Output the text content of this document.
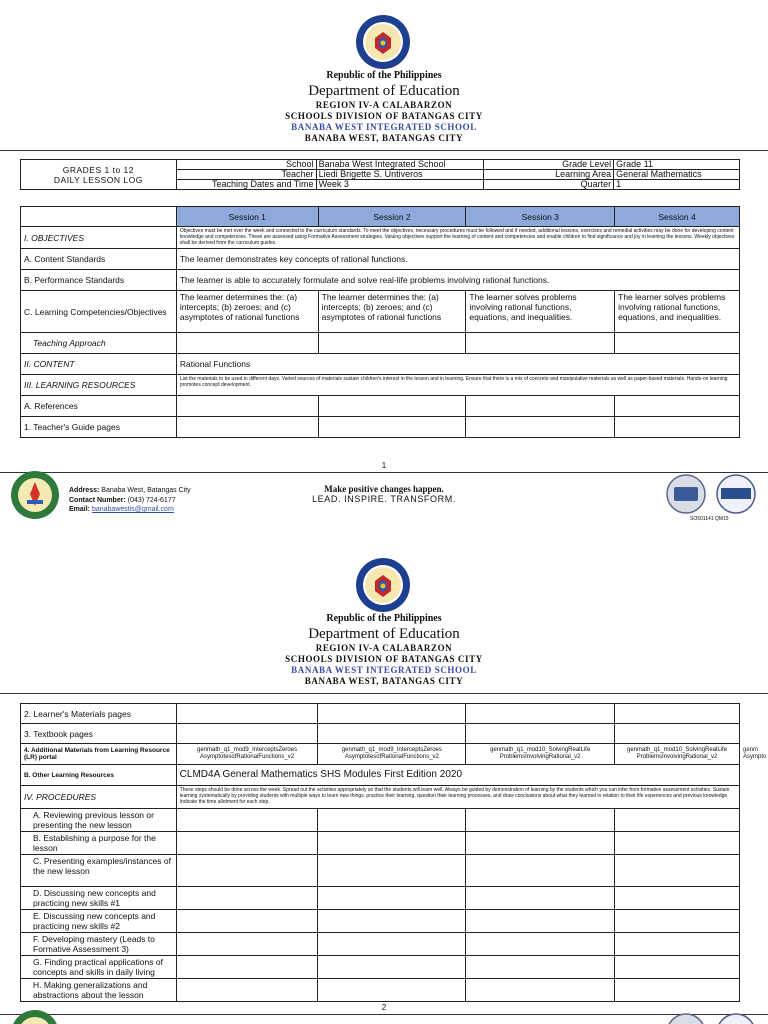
Republic of the Philippines
Department of Education
REGION IV-A CALABARZON
SCHOOLS DIVISION OF BATANGAS CITY
BANABA WEST INTEGRATED SCHOOL
BANABA WEST, BATANGAS CITY
GRADES 1 to 12
DAILY LESSON LOG	School	Banaba West Integrated School	Grade Level	Grade 11
	Teacher	Liedi Brigette S. Untiveros	Learning Area	General Mathematics
	Teaching Dates and Time	Week 3	Quarter	1
	Session 1	Session 2	Session 3	Session 4
I. OBJECTIVES	Objectives must be met over the week and connected to the curriculum standards. To meet the objectives, necessary procedures must be followed and if needed, additional lessons, exercises and remedial activities may be done for developing content knowledge and competencies. These are assessed using Formative Assessment strategies. Valuing objectives support the learning of content and competencies and enable children to find significance and joy in learning the lessons. Weekly objectives shall be derived from the curriculum guides.			
A. Content Standards	The learner demonstrates key concepts of rational functions.			
B. Performance Standards	The learner is able to accurately formulate and solve real-life problems involving rational functions.			
C. Learning Competencies/Objectives	The learner determines the: (a) intercepts; (b) zeroes; and (c) asymptotes of rational functions	The learner determines the: (a) intercepts; (b) zeroes; and (c) asymptotes of rational functions	The learner solves problems involving rational functions, equations, and inequalities.	The learner solves problems involving rational functions, equations, and inequalities.
Teaching Approach				
II. CONTENT	Rational Functions			
III. LEARNING RESOURCES	List the materials to be used in different days. Varied sources of materials sustain children's interest in the lesson and in learning. Ensure that there is a mix of concrete and manipulative materials as well as paper-based materials. Hands-on learning promotes concept development.			
A. References				
1. Teacher's Guide pages				
1
Address: Banaba West, Batangas City
Contact Number: (043) 724-6177
Email: banabawestis@gmail.com
Make positive changes happen.
LEAD. INSPIRE. TRANSFORM.
SO501141 QM15
Republic of the Philippines
Department of Education
REGION IV-A CALABARZON
SCHOOLS DIVISION OF BATANGAS CITY
BANABA WEST INTEGRATED SCHOOL
BANABA WEST, BATANGAS CITY
2. Learner's Materials pages				
3. Textbook pages				
4. Additional Materials from Learning Resource (LR) portal	genmath_q1_mod9_InterceptsZeroes AsymptotesofRationalFunctions_v2	genmath_q1_mod9_InterceptsZeroes AsymptotesofRationalFunctions_v2	genmath_q1_mod10_SolvingRealLife ProblemsInvolvingRational_v2	genmath_q1_mod10_SolvingRealLife ProblemsInvolvingRational_v2
B. Other Learning Resources	CLMD4A General Mathematics SHS Modules First Edition 2020			
IV. PROCEDURES	These steps should be done across the week. Spread out the activities appropriately so that the students will learn well. Always be guided by demonstration of learning by the students which you can infer from formative assessment activities. Sustain learning systematically by providing students with multiple ways to learn new things, practice their learning, question their learning processes, and draw conclusions about what they learned in relation to their life experiences and previous knowledge. Indicate the time allotment for each step.			
A. Reviewing previous lesson or presenting the new lesson				
B. Establishing a purpose for the lesson				
C. Presenting examples/instances of the new lesson				
D. Discussing new concepts and practicing new skills #1				
E. Discussing new concepts and practicing new skills #2				
F. Developing mastery (Leads to Formative Assessment 3)				
G. Finding practical applications of concepts and skills in daily living				
H. Making generalizations and abstractions about the lesson				
genm Asympto
2
